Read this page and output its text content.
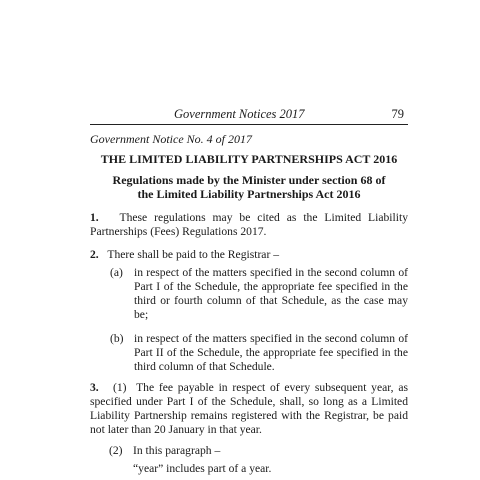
Government Notices 2017	79
Government Notice No. 4 of 2017
THE LIMITED LIABILITY PARTNERSHIPS ACT 2016
Regulations made by the Minister under section 68 of
the Limited Liability Partnerships Act 2016
1. These regulations may be cited as the Limited Liability Partnerships (Fees) Regulations 2017.
2. There shall be paid to the Registrar –
(a) in respect of the matters specified in the second column of Part I of the Schedule, the appropriate fee specified in the third or fourth column of that Schedule, as the case may be;
(b) in respect of the matters specified in the second column of Part II of the Schedule, the appropriate fee specified in the third column of that Schedule.
3. (1) The fee payable in respect of every subsequent year, as specified under Part I of the Schedule, shall, so long as a Limited Liability Partnership remains registered with the Registrar, be paid not later than 20 January in that year.
(2) In this paragraph –
“year” includes part of a year.
